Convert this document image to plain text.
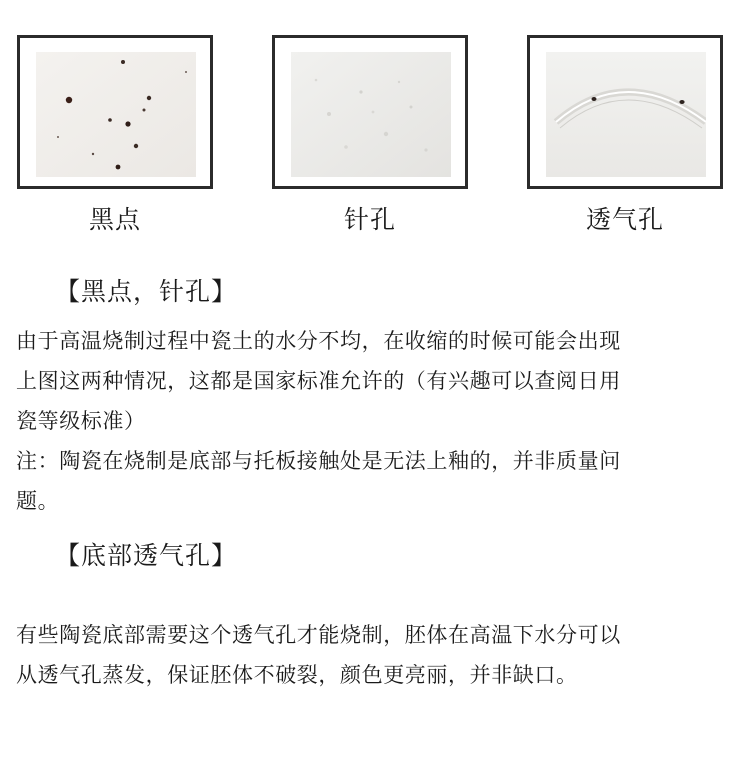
黑点	针孔	透气孔
【黑点，针孔】
由于高温烧制过程中瓷土的水分不均，在收缩的时候可能会出现
上图这两种情况，这都是国家标准允许的（有兴趣可以查阅日用
瓷等级标准）
注：陶瓷在烧制是底部与托板接触处是无法上釉的，并非质量问
题。
【底部透气孔】
有些陶瓷底部需要这个透气孔才能烧制，胚体在高温下水分可以
从透气孔蒸发，保证胚体不破裂，颜色更亮丽，并非缺口。
